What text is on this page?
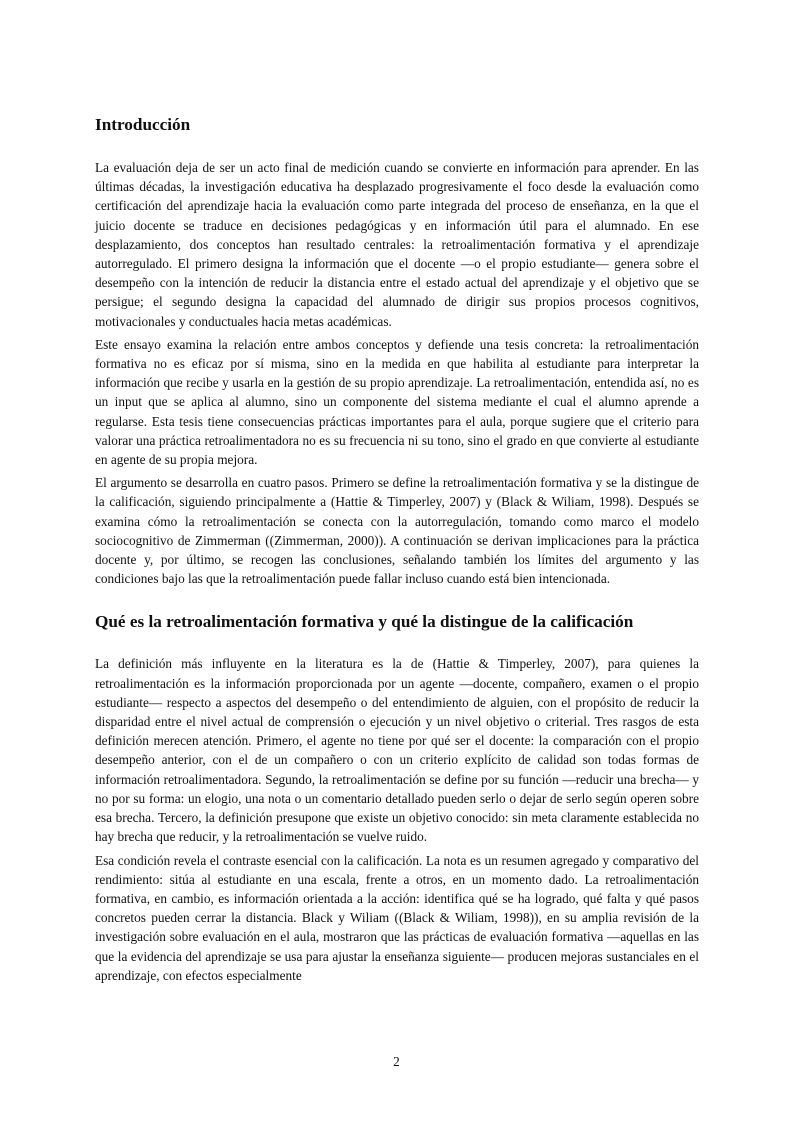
Introducción

La evaluación deja de ser un acto final de medición cuando se convierte en información para aprender. En las últimas décadas, la investigación educativa ha desplazado progresivamente el foco desde la evaluación como certificación del aprendizaje hacia la evaluación como parte integrada del proceso de enseñanza, en la que el juicio docente se traduce en decisiones pedagógicas y en información útil para el alumnado. En ese desplazamiento, dos conceptos han resultado centrales: la retroalimentación formativa y el aprendizaje autorregulado. El primero designa la información que el docente —o el propio estudiante— genera sobre el desempeño con la intención de reducir la distancia entre el estado actual del aprendizaje y el objetivo que se persigue; el segundo designa la capacidad del alumnado de dirigir sus propios procesos cognitivos, motivacionales y conductuales hacia metas académicas.

Este ensayo examina la relación entre ambos conceptos y defiende una tesis concreta: la retroalimentación formativa no es eficaz por sí misma, sino en la medida en que habilita al estudiante para interpretar la información que recibe y usarla en la gestión de su propio aprendizaje. La retroalimentación, entendida así, no es un input que se aplica al alumno, sino un componente del sistema mediante el cual el alumno aprende a regularse. Esta tesis tiene consecuencias prácticas importantes para el aula, porque sugiere que el criterio para valorar una práctica retroalimentadora no es su frecuencia ni su tono, sino el grado en que convierte al estudiante en agente de su propia mejora.

El argumento se desarrolla en cuatro pasos. Primero se define la retroalimentación formativa y se la distingue de la calificación, siguiendo principalmente a (Hattie & Timperley, 2007) y (Black & Wiliam, 1998). Después se examina cómo la retroalimentación se conecta con la autorregulación, tomando como marco el modelo sociocognitivo de Zimmerman ((Zimmerman, 2000)). A continuación se derivan implicaciones para la práctica docente y, por último, se recogen las conclusiones, señalando también los límites del argumento y las condiciones bajo las que la retroalimentación puede fallar incluso cuando está bien intencionada.

Qué es la retroalimentación formativa y qué la distingue de la calificación

La definición más influyente en la literatura es la de (Hattie & Timperley, 2007), para quienes la retroalimentación es la información proporcionada por un agente —docente, compañero, examen o el propio estudiante— respecto a aspectos del desempeño o del entendimiento de alguien, con el propósito de reducir la disparidad entre el nivel actual de comprensión o ejecución y un nivel objetivo o criterial. Tres rasgos de esta definición merecen atención. Primero, el agente no tiene por qué ser el docente: la comparación con el propio desempeño anterior, con el de un compañero o con un criterio explícito de calidad son todas formas de información retroalimentadora. Segundo, la retroalimentación se define por su función —reducir una brecha— y no por su forma: un elogio, una nota o un comentario detallado pueden serlo o dejar de serlo según operen sobre esa brecha. Tercero, la definición presupone que existe un objetivo conocido: sin meta claramente establecida no hay brecha que reducir, y la retroalimentación se vuelve ruido.

Esa condición revela el contraste esencial con la calificación. La nota es un resumen agregado y comparativo del rendimiento: sitúa al estudiante en una escala, frente a otros, en un momento dado. La retroalimentación formativa, en cambio, es información orientada a la acción: identifica qué se ha logrado, qué falta y qué pasos concretos pueden cerrar la distancia. Black y Wiliam ((Black & Wiliam, 1998)), en su amplia revisión de la investigación sobre evaluación en el aula, mostraron que las prácticas de evaluación formativa —aquellas en las que la evidencia del aprendizaje se usa para ajustar la enseñanza siguiente— producen mejoras sustanciales en el aprendizaje, con efectos especialmente

2
